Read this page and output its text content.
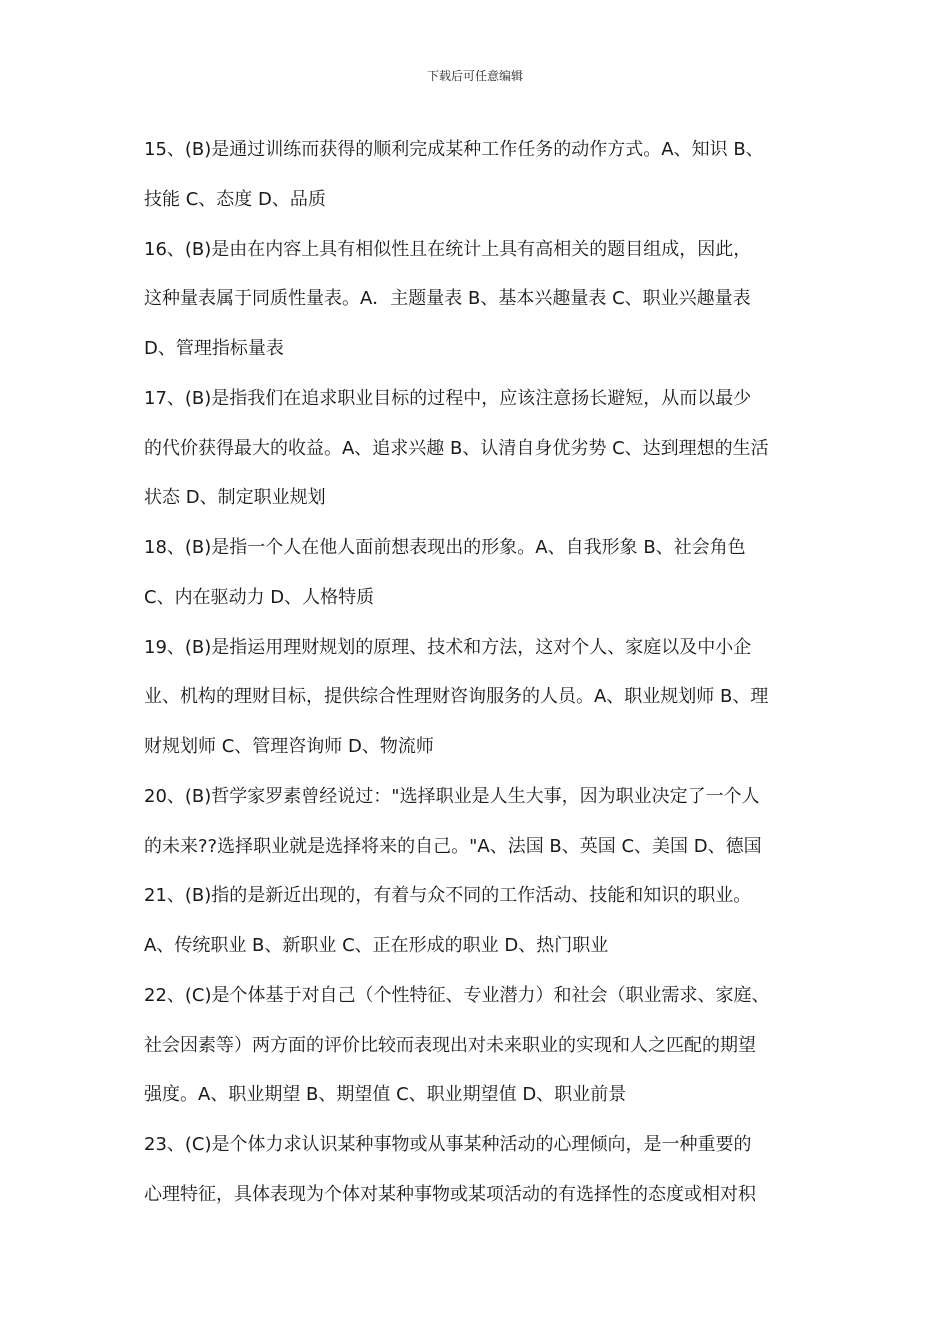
下载后可任意编辑
15、(B)是通过训练而获得的顺利完成某种工作任务的动作方式。A、知识 B、
技能 C、态度 D、品质
16、(B)是由在内容上具有相似性且在统计上具有高相关的题目组成，因此，
这种量表属于同质性量表。A．主题量表 B、基本兴趣量表 C、职业兴趣量表
D、管理指标量表
17、(B)是指我们在追求职业目标的过程中，应该注意扬长避短，从而以最少
的代价获得最大的收益。A、追求兴趣 B、认清自身优劣势 C、达到理想的生活
状态 D、制定职业规划
18、(B)是指一个人在他人面前想表现出的形象。A、自我形象 B、社会角色
C、内在驱动力 D、人格特质
19、(B)是指运用理财规划的原理、技术和方法，这对个人、家庭以及中小企
业、机构的理财目标，提供综合性理财咨询服务的人员。A、职业规划师 B、理
财规划师 C、管理咨询师 D、物流师
20、(B)哲学家罗素曾经说过："选择职业是人生大事，因为职业决定了一个人
的未来??选择职业就是选择将来的自己。"A、法国 B、英国 C、美国 D、德国
21、(B)指的是新近出现的，有着与众不同的工作活动、技能和知识的职业。
A、传统职业 B、新职业 C、正在形成的职业 D、热门职业
22、(C)是个体基于对自己（个性特征、专业潜力）和社会（职业需求、家庭、
社会因素等）两方面的评价比较而表现出对未来职业的实现和人之匹配的期望
强度。A、职业期望 B、期望值 C、职业期望值 D、职业前景
23、(C)是个体力求认识某种事物或从事某种活动的心理倾向，是一种重要的
心理特征，具体表现为个体对某种事物或某项活动的有选择性的态度或相对积
